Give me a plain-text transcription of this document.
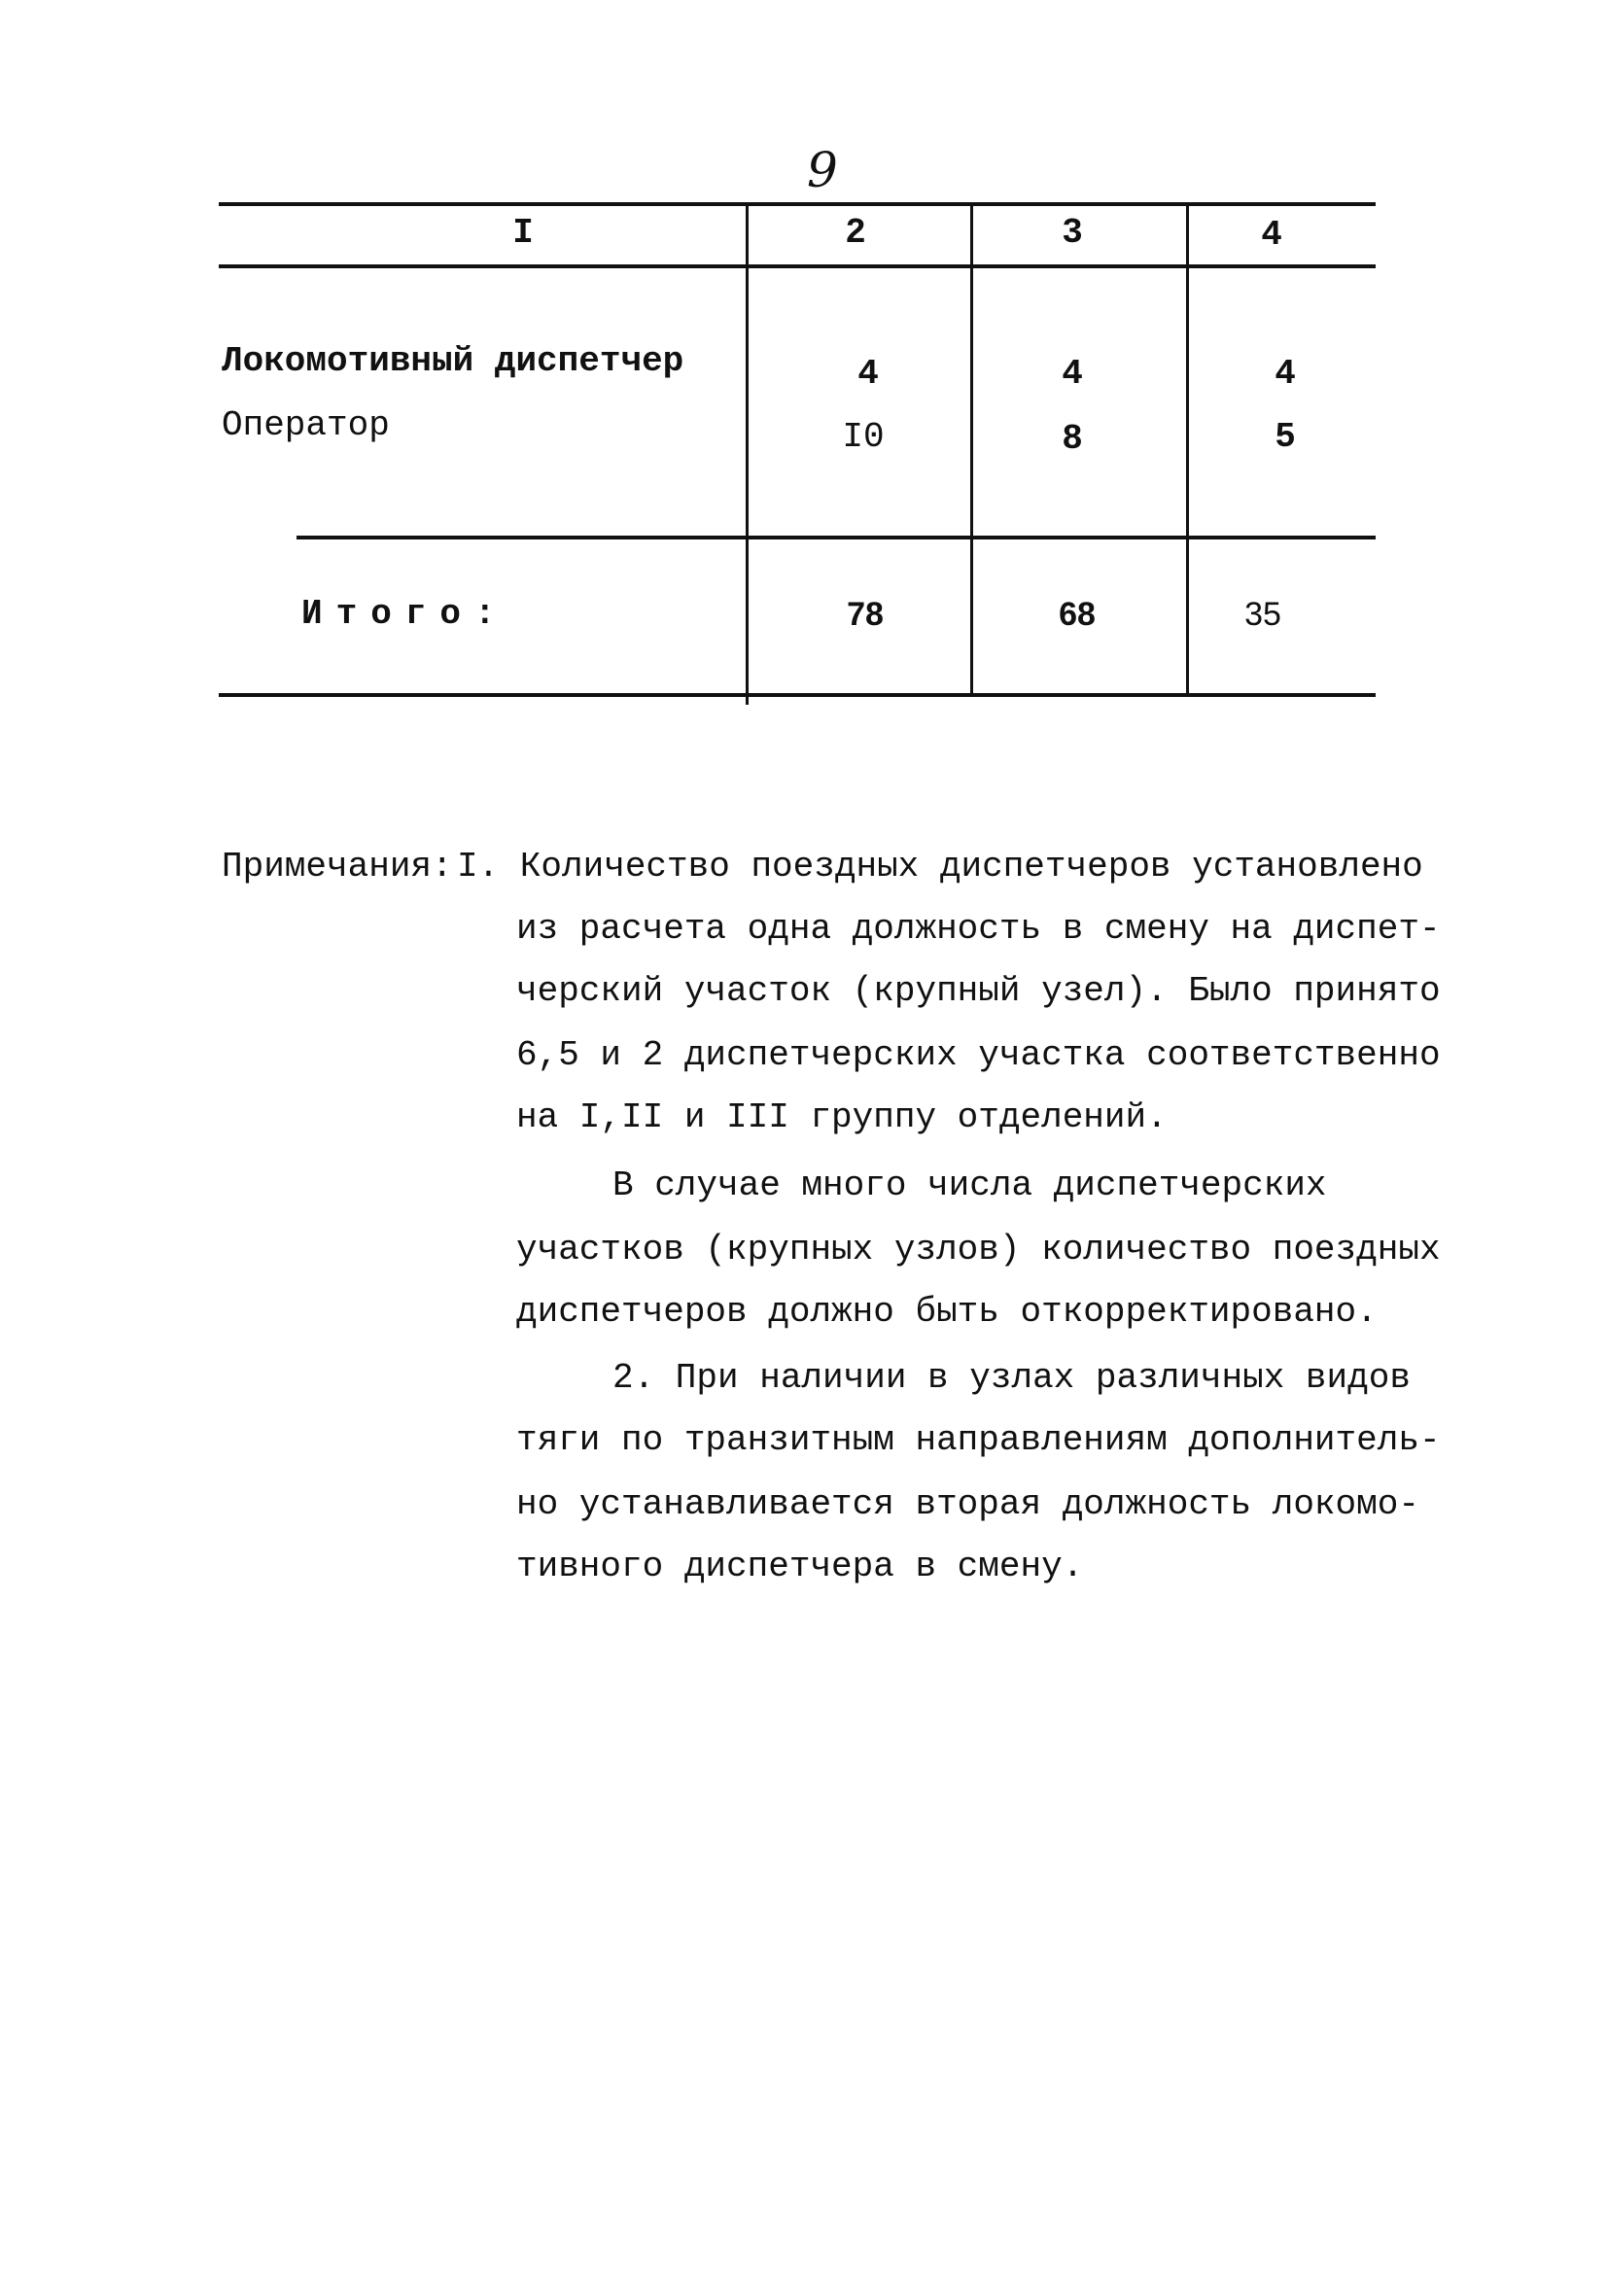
9
I	2	3	4
Локомотивный диспетчер	4	4	4
Оператор	I0	8	5
Итого:	78	68	35
Примечания: I. Количество поездных диспетчеров установлено
из расчета одна должность в смену на диспет-
черский участок (крупный узел). Было принято
6,5 и 2 диспетчерских участка соответственно
на I,II и III группу отделений.
В случае много числа диспетчерских
участков (крупных узлов) количество поездных
диспетчеров должно быть откорректировано.
2. При наличии в узлах различных видов
тяги по транзитным направлениям дополнитель-
но устанавливается вторая должность локомо-
тивного диспетчера в смену.
